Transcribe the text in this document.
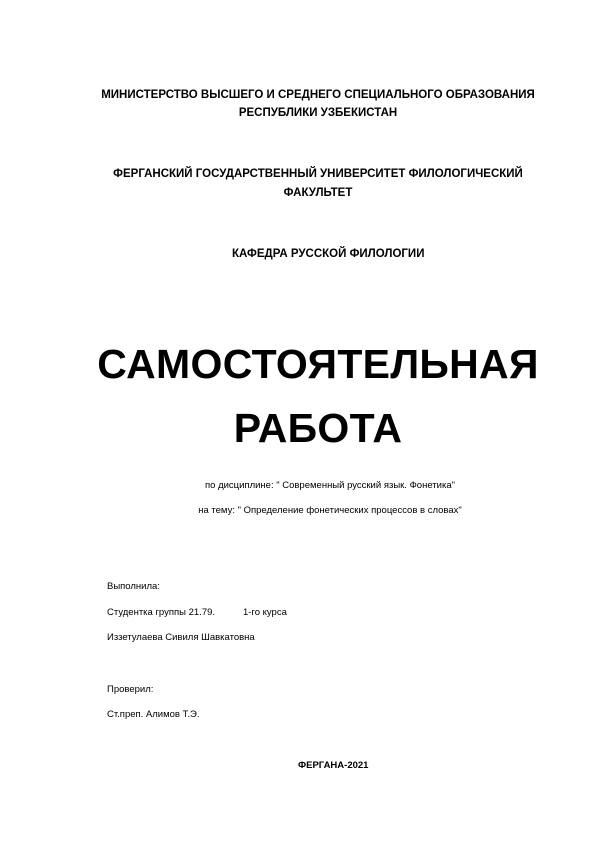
МИНИСТЕРСТВО ВЫСШЕГО И СРЕДНЕГО СПЕЦИАЛЬНОГО ОБРАЗОВАНИЯ
РЕСПУБЛИКИ УЗБЕКИСТАН
ФЕРГАНСКИЙ ГОСУДАРСТВЕННЫЙ УНИВЕРСИТЕТ ФИЛОЛОГИЧЕСКИЙ
ФАКУЛЬТЕТ
КАФЕДРА РУССКОЙ ФИЛОЛОГИИ
САМОСТОЯТЕЛЬНАЯ
РАБОТА
по дисциплине: " Современный русский язык. Фонетика"
на тему: " Определение фонетических процессов в словах"
Выполнила:
Студентка группы 21.79.	1-го курса
Иззетулаева Сивиля Шавкатовна
Проверил:
Ст.преп. Алимов Т.Э.
ФЕРГАНА-2021
